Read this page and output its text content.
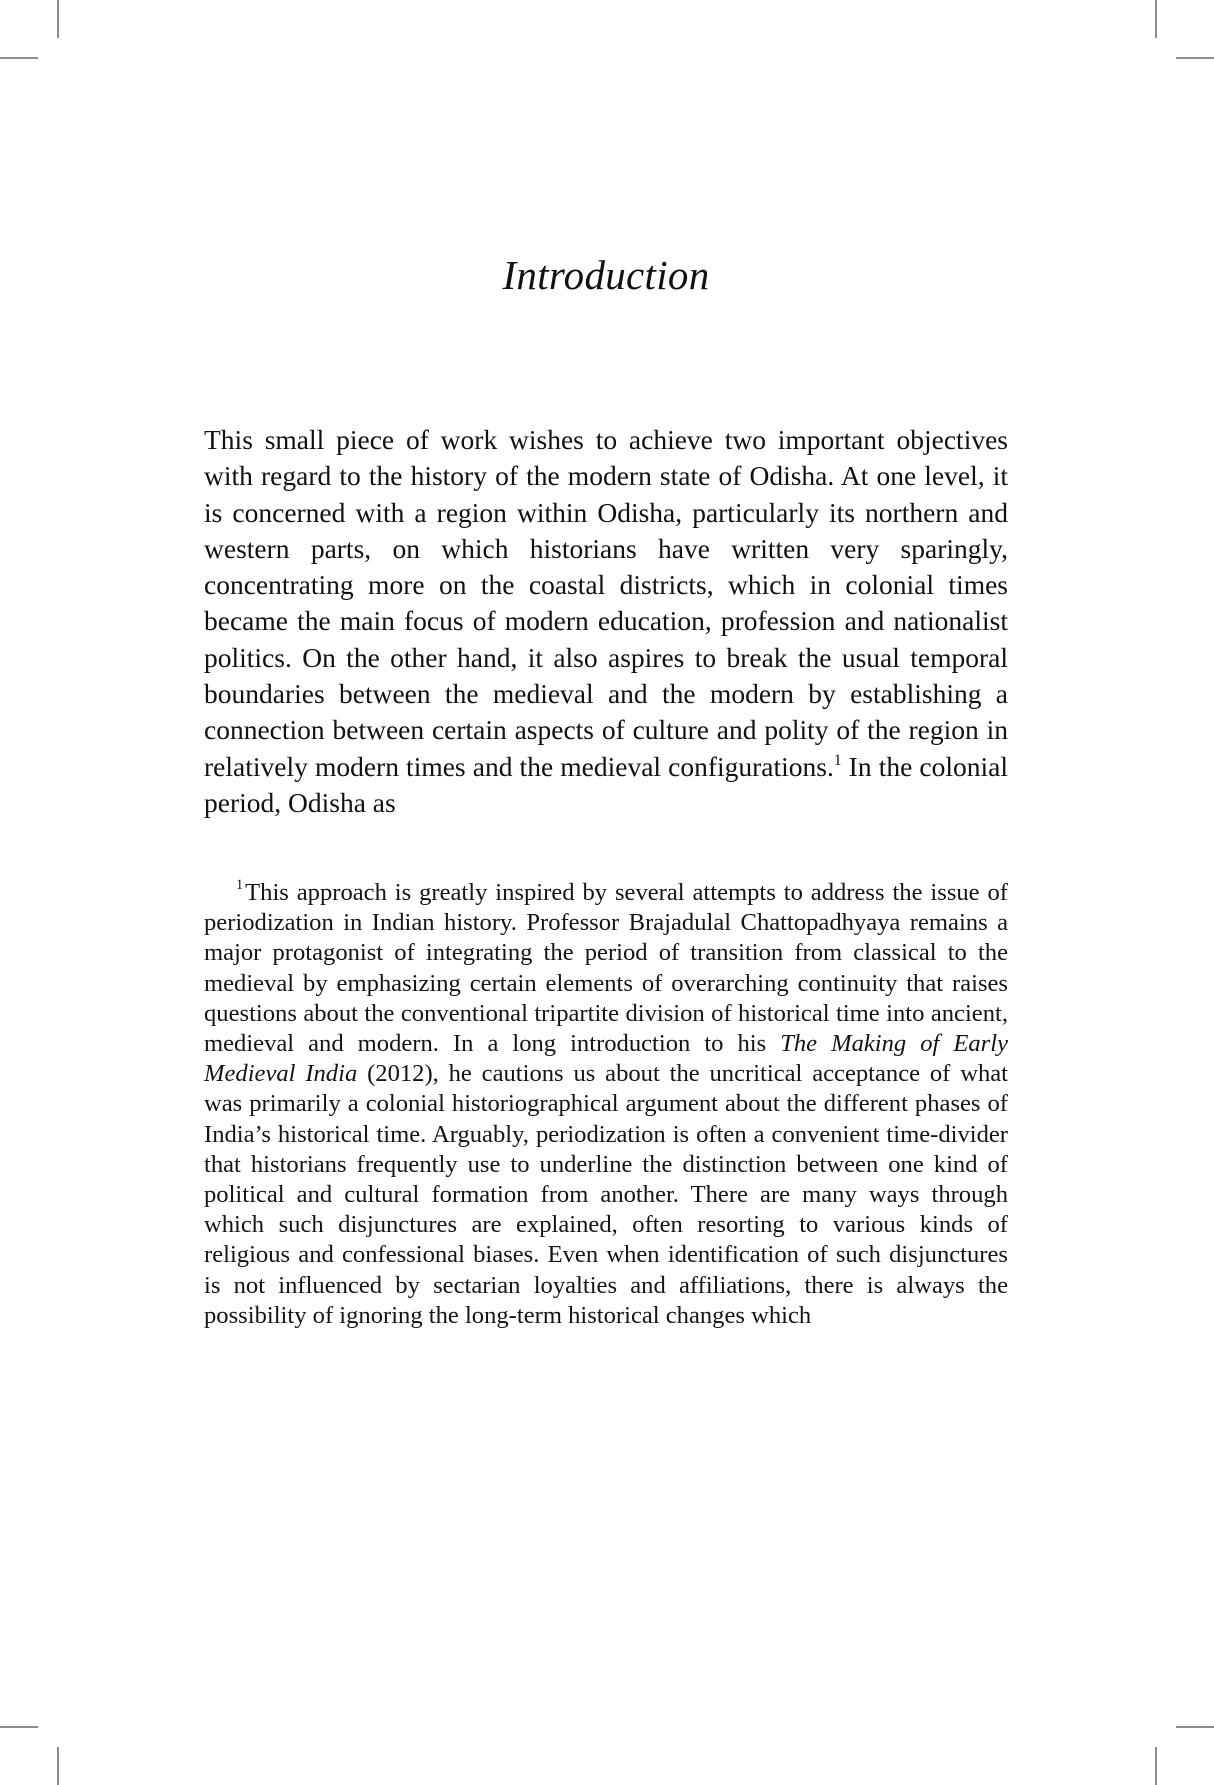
Introduction

This small piece of work wishes to achieve two important objectives with regard to the history of the modern state of Odisha. At one level, it is concerned with a region within Odisha, particularly its northern and western parts, on which historians have written very sparingly, concentrating more on the coastal districts, which in colonial times became the main focus of modern education, profession and nationalist politics. On the other hand, it also aspires to break the usual temporal boundaries between the medieval and the modern by establishing a connection between certain aspects of culture and polity of the region in relatively modern times and the medieval configurations.$^1$ In the colonial period, Odisha as

$^1$This approach is greatly inspired by several attempts to address the issue of periodization in Indian history. Professor Brajadulal Chattopadhyaya remains a major protagonist of integrating the period of transition from classical to the medieval by emphasizing certain elements of overarching continuity that raises questions about the conventional tripartite division of historical time into ancient, medieval and modern. In a long introduction to his The Making of Early Medieval India (2012), he cautions us about the uncritical acceptance of what was primarily a colonial historiographical argument about the different phases of India’s historical time. Arguably, periodization is often a convenient time-divider that historians frequently use to underline the distinction between one kind of political and cultural formation from another. There are many ways through which such disjunctures are explained, often resorting to various kinds of religious and confessional biases. Even when identification of such disjunctures is not influenced by sectarian loyalties and affiliations, there is always the possibility of ignoring the long-term historical changes which
